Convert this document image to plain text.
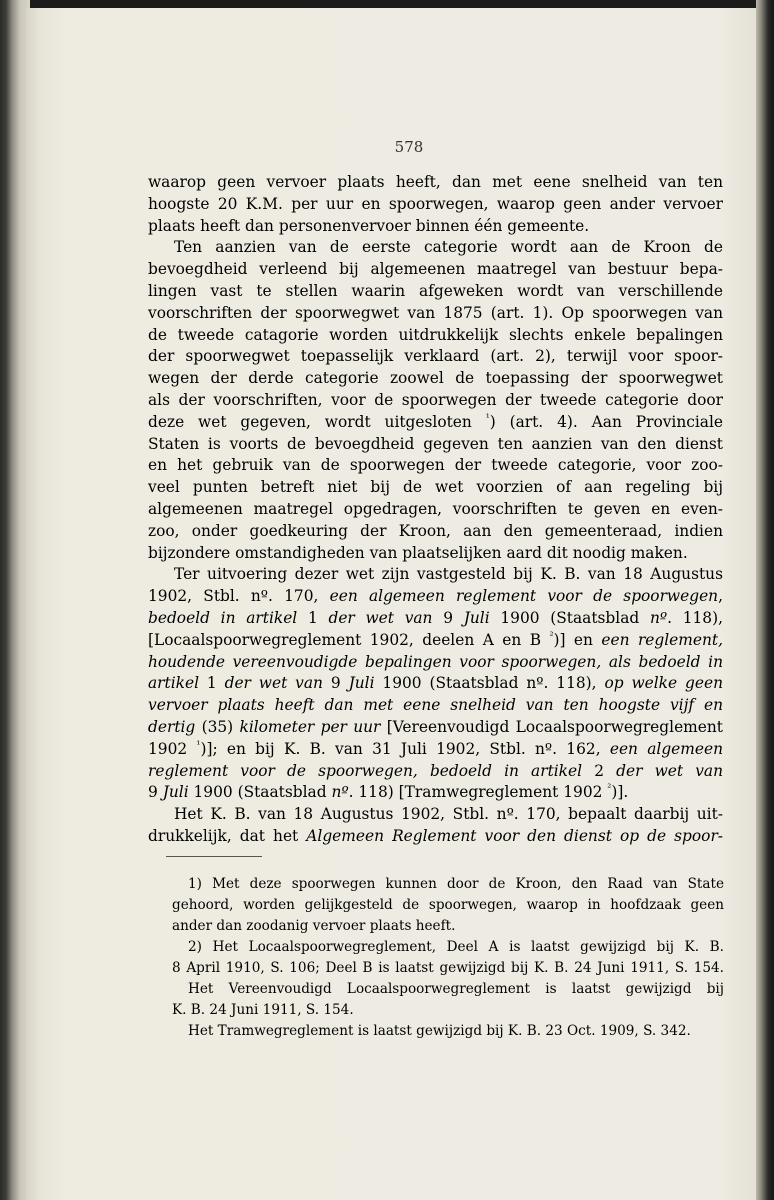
578

waarop geen vervoer plaats heeft, dan met eene snelheid van ten

hoogste 20 K.M. per uur en spoorwegen, waarop geen ander vervoer

plaats heeft dan personenvervoer binnen één gemeente.

Ten aanzien van de eerste categorie wordt aan de Kroon de

bevoegdheid verleend bij algemeenen maatregel van bestuur bepa-

lingen vast te stellen waarin afgeweken wordt van verschillende

voorschriften der spoorwegwet van 1875 (art. 1). Op spoorwegen van

de tweede catagorie worden uitdrukkelijk slechts enkele bepalingen

der spoorwegwet toepasselijk verklaard (art. 2), terwijl voor spoor-

wegen der derde categorie zoowel de toepassing der spoorwegwet

als der voorschriften, voor de spoorwegen der tweede categorie door

deze wet gegeven, wordt uitgesloten $^{^1}$) (art. 4). Aan Provinciale

Staten is voorts de bevoegdheid gegeven ten aanzien van den dienst

en het gebruik van de spoorwegen der tweede categorie, voor zoo-

veel punten betreft niet bij de wet voorzien of aan regeling bij

algemeenen maatregel opgedragen, voorschriften te geven en even-

zoo, onder goedkeuring der Kroon, aan den gemeenteraad, indien

bijzondere omstandigheden van plaatselijken aard dit noodig maken.

Ter uitvoering dezer wet zijn vastgesteld bij K. B. van 18 Augustus

1902, Stbl. nº. 170, een algemeen reglement voor de spoorwegen,

bedoeld in artikel 1 der wet van 9 Juli 1900 (Staatsblad nº. 118),

[Locaalspoorwegreglement 1902, deelen A en B $^{^2}$)] en een reglement,

houdende vereenvoudigde bepalingen voor spoorwegen, als bedoeld in

artikel 1 der wet van 9 Juli 1900 (Staatsblad nº. 118), op welke geen

vervoer plaats heeft dan met eene snelheid van ten hoogste vijf en

dertig (35) kilometer per uur [Vereenvoudigd Locaalspoorwegreglement

1902 $^{^1}$)]; en bij K. B. van 31 Juli 1902, Stbl. nº. 162, een algemeen

reglement voor de spoorwegen, bedoeld in artikel 2 der wet van

9 Juli 1900 (Staatsblad nº. 118) [Tramwegreglement 1902 $^{^2}$)].

Het K. B. van 18 Augustus 1902, Stbl. nº. 170, bepaalt daarbij uit-

drukkelijk, dat het Algemeen Reglement voor den dienst op de spoor-

1) Met deze spoorwegen kunnen door de Kroon, den Raad van State

gehoord, worden gelijkgesteld de spoorwegen, waarop in hoofdzaak geen

ander dan zoodanig vervoer plaats heeft.

2) Het Locaalspoorwegreglement, Deel A is laatst gewijzigd bij K. B.

8 April 1910, S. 106; Deel B is laatst gewijzigd bij K. B. 24 Juni 1911, S. 154.

Het Vereenvoudigd Locaalspoorwegreglement is laatst gewijzigd bij

K. B. 24 Juni 1911, S. 154.

Het Tramwegreglement is laatst gewijzigd bij K. B. 23 Oct. 1909, S. 342.
